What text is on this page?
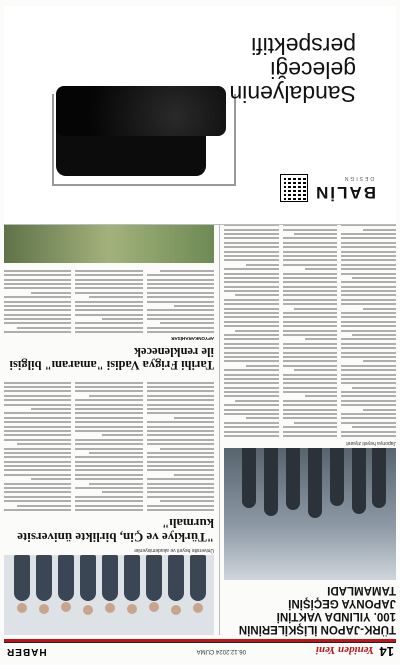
14
Yeniden Yeni
06.12.2024 CUMA
HABER
TÜRK-JAPON İLİŞKİLERİNİN 100. YILINDA VAKTİNİ JAPONYA GEÇİŞİNİ TAMAMLADI
Japonya heyeti ziyaret
Üniversite heyeti ve akademisyenler
"Türkiye ve Çin, birlikte üniversite kurmalı"
Tarihi Frigya Vadisi "amaranı" bilgisi ile renklenecek
AFYONKARAHİSAR
BALİN
DESIGN
Sandalyenin
geleceği
perspektifi
